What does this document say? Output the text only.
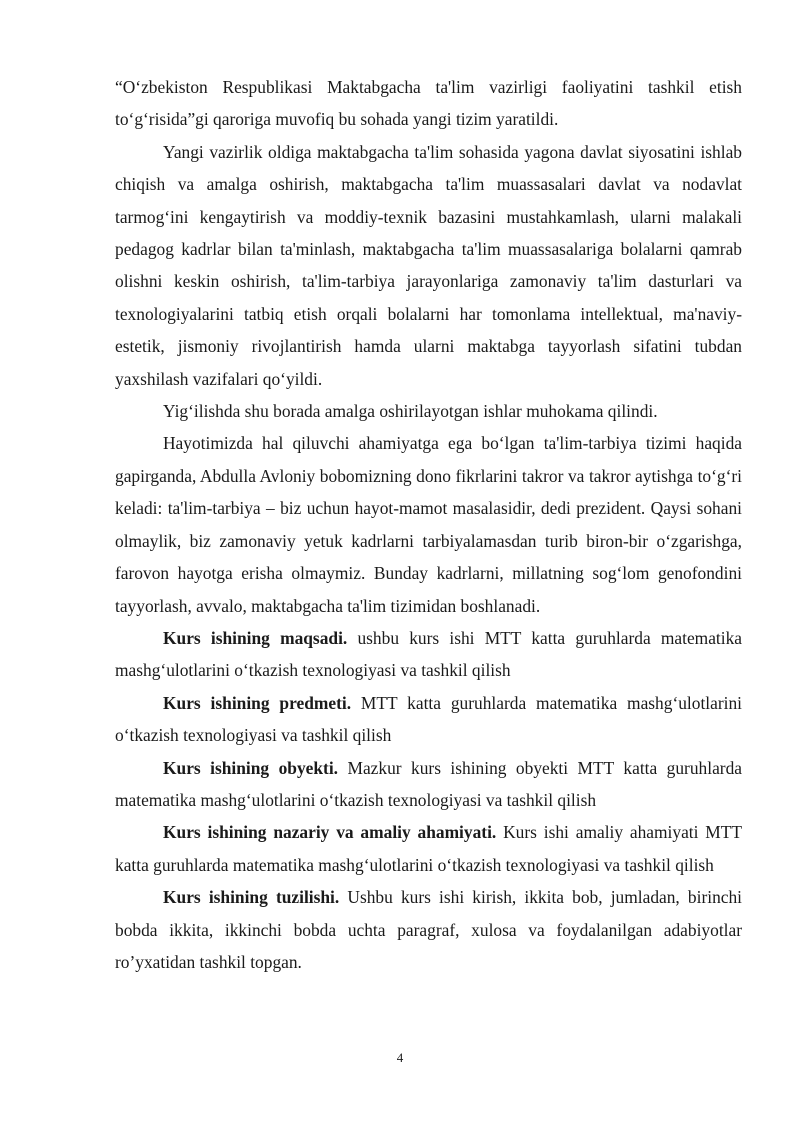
“O‘zbekiston Respublikasi Maktabgacha ta'lim vazirligi faoliyatini tashkil etish to‘g‘risida”gi qaroriga muvofiq bu sohada yangi tizim yaratildi.

Yangi vazirlik oldiga maktabgacha ta'lim sohasida yagona davlat siyosatini ishlab chiqish va amalga oshirish, maktabgacha ta'lim muassasalari davlat va nodavlat tarmog‘ini kengaytirish va moddiy-texnik bazasini mustahkamlash, ularni malakali pedagog kadrlar bilan ta'minlash, maktabgacha ta'lim muassasalariga bolalarni qamrab olishni keskin oshirish, ta'lim-tarbiya jarayonlariga zamonaviy ta'lim dasturlari va texnologiyalarini tatbiq etish orqali bolalarni har tomonlama intellektual, ma'naviy-estetik, jismoniy rivojlantirish hamda ularni maktabga tayyorlash sifatini tubdan yaxshilash vazifalari qo‘yildi.

Yig‘ilishda shu borada amalga oshirilayotgan ishlar muhokama qilindi.

Hayotimizda hal qiluvchi ahamiyatga ega bo‘lgan ta'lim-tarbiya tizimi haqida gapirganda, Abdulla Avloniy bobomizning dono fikrlarini takror va takror aytishga to‘g‘ri keladi: ta'lim-tarbiya – biz uchun hayot-mamot masalasidir, dedi prezident. Qaysi sohani olmaylik, biz zamonaviy yetuk kadrlarni tarbiyalamasdan turib biron-bir o‘zgarishga, farovon hayotga erisha olmaymiz. Bunday kadrlarni, millatning sog‘lom genofondini tayyorlash, avvalo, maktabgacha ta'lim tizimidan boshlanadi.

Kurs ishining maqsadi. ushbu kurs ishi MTT katta guruhlarda matematika mashg‘ulotlarini o‘tkazish texnologiyasi va tashkil qilish

Kurs ishining predmeti. MTT katta guruhlarda matematika mashg‘ulotlarini o‘tkazish texnologiyasi va tashkil qilish

Kurs ishining obyekti. Mazkur kurs ishining obyekti MTT katta guruhlarda matematika mashg‘ulotlarini o‘tkazish texnologiyasi va tashkil qilish

Kurs ishining nazariy va amaliy ahamiyati. Kurs ishi amaliy ahamiyati MTT katta guruhlarda matematika mashg‘ulotlarini o‘tkazish texnologiyasi va tashkil qilish

Kurs ishining tuzilishi. Ushbu kurs ishi kirish, ikkita bob, jumladan, birinchi bobda ikkita, ikkinchi bobda uchta paragraf, xulosa va foydalanilgan adabiyotlar ro’yxatidan tashkil topgan.

4
